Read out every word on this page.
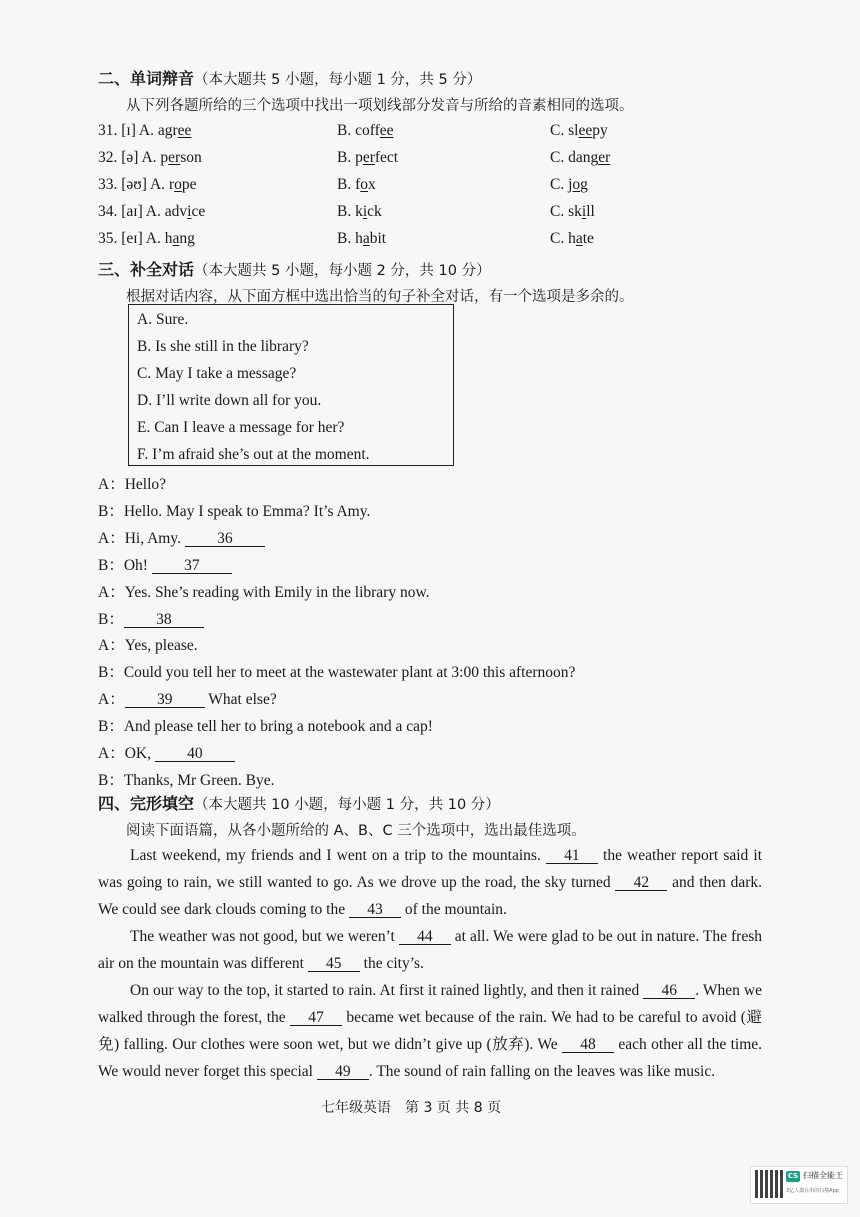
二、单词辩音（本大题共 5 小题，每小题 1 分，共 5 分）
从下列各题所给的三个选项中找出一项划线部分发音与所给的音素相同的选项。
31. [ɪ] A. agree	B. coffee	C. sleepy
32. [ə] A. person	B. perfect	C. danger
33. [əʊ] A. rope	B. fox	C. jog
34. [aɪ] A. advice	B. kick	C. skill
35. [eɪ] A. hang	B. habit	C. hate
三、补全对话（本大题共 5 小题，每小题 2 分，共 10 分）
根据对话内容，从下面方框中选出恰当的句子补全对话，有一个选项是多余的。
A. Sure.
B. Is she still in the library?
C. May I take a message?
D. I’ll write down all for you.
E. Can I leave a message for her?
F. I’m afraid she’s out at the moment.
A：Hello?
B：Hello. May I speak to Emma? It’s Amy.
A：Hi, Amy. 36
B：Oh! 37
A：Yes. She’s reading with Emily in the library now.
B： 38
A：Yes, please.
B：Could you tell her to meet at the wastewater plant at 3:00 this afternoon?
A： 39 What else?
B：And please tell her to bring a notebook and a cap!
A：OK, 40
B：Thanks, Mr Green. Bye.
四、完形填空（本大题共 10 小题，每小题 1 分，共 10 分）
阅读下面语篇，从各小题所给的 A、B、C 三个选项中，选出最佳选项。
Last weekend, my friends and I went on a trip to the mountains. 41 the weather report said it was going to rain, we still wanted to go. As we drove up the road, the sky turned 42 and then dark. We could see dark clouds coming to the 43 of the mountain.
The weather was not good, but we weren’t 44 at all. We were glad to be out in nature. The fresh air on the mountain was different 45 the city’s.
On our way to the top, it started to rain. At first it rained lightly, and then it rained 46 . When we walked through the forest, the 47 became wet because of the rain. We had to be careful to avoid (避免) falling. Our clothes were soon wet, but we didn’t give up (放弃). We 48 each other all the time. We would never forget this special 49 . The sound of rain falling on the leaves was like music.
七年级英语　第 3 页 共 8 页
CS 扫描全能王
3亿人都在用的扫描App
